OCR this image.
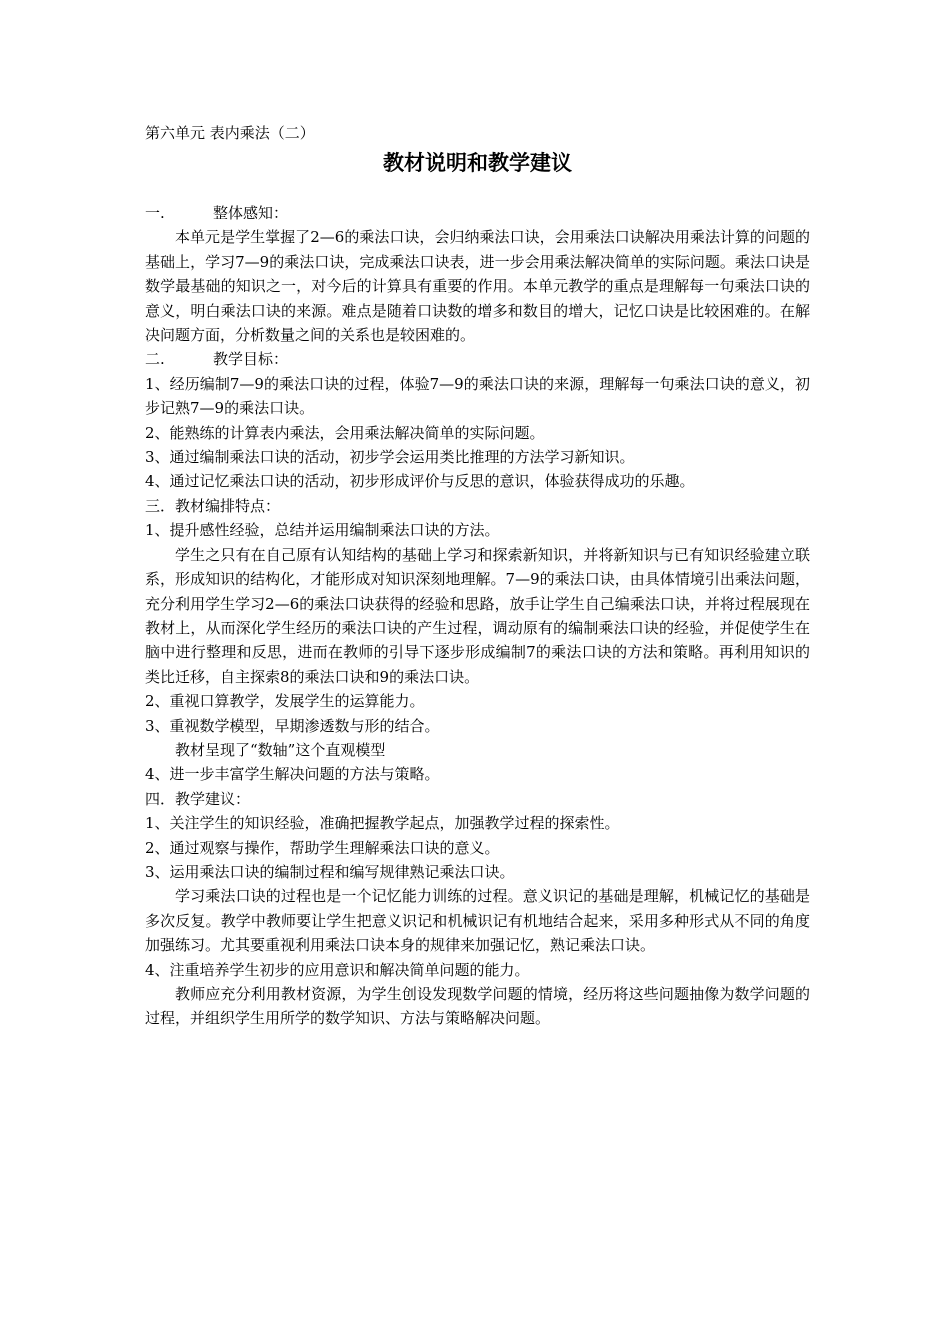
第六单元 表内乘法（二）
教材说明和教学建议
一.	整体感知：
本单元是学生掌握了2—6的乘法口诀，会归纳乘法口诀，会用乘法口诀解决用乘法计算的问题的基础上，学习7—9的乘法口诀，完成乘法口诀表，进一步会用乘法解决简单的实际问题。乘法口诀是数学最基础的知识之一，对今后的计算具有重要的作用。本单元教学的重点是理解每一句乘法口诀的意义，明白乘法口诀的来源。难点是随着口诀数的增多和数目的增大，记忆口诀是比较困难的。在解决问题方面，分析数量之间的关系也是较困难的。
二.	教学目标：
1、经历编制7—9的乘法口诀的过程，体验7—9的乘法口诀的来源，理解每一句乘法口诀的意义，初步记熟7—9的乘法口诀。
2、能熟练的计算表内乘法，会用乘法解决简单的实际问题。
3、通过编制乘法口诀的活动，初步学会运用类比推理的方法学习新知识。
4、通过记忆乘法口诀的活动，初步形成评价与反思的意识，体验获得成功的乐趣。
三．教材编排特点：
1、提升感性经验，总结并运用编制乘法口诀的方法。
学生之只有在自己原有认知结构的基础上学习和探索新知识，并将新知识与已有知识经验建立联系，形成知识的结构化，才能形成对知识深刻地理解。7—9的乘法口诀，由具体情境引出乘法问题，充分利用学生学习2—6的乘法口诀获得的经验和思路，放手让学生自己编乘法口诀，并将过程展现在教材上，从而深化学生经历的乘法口诀的产生过程，调动原有的编制乘法口诀的经验，并促使学生在脑中进行整理和反思，进而在教师的引导下逐步形成编制7的乘法口诀的方法和策略。再利用知识的类比迁移，自主探索8的乘法口诀和9的乘法口诀。
2、重视口算教学，发展学生的运算能力。
3、重视数学模型，早期渗透数与形的结合。
教材呈现了“数轴”这个直观模型
4、进一步丰富学生解决问题的方法与策略。
四．教学建议：
1、关注学生的知识经验，准确把握教学起点，加强教学过程的探索性。
2、通过观察与操作，帮助学生理解乘法口诀的意义。
3、运用乘法口诀的编制过程和编写规律熟记乘法口诀。
学习乘法口诀的过程也是一个记忆能力训练的过程。意义识记的基础是理解，机械记忆的基础是多次反复。教学中教师要让学生把意义识记和机械识记有机地结合起来，采用多种形式从不同的角度加强练习。尤其要重视利用乘法口诀本身的规律来加强记忆，熟记乘法口诀。
4、注重培养学生初步的应用意识和解决简单问题的能力。
教师应充分利用教材资源，为学生创设发现数学问题的情境，经历将这些问题抽像为数学问题的过程，并组织学生用所学的数学知识、方法与策略解决问题。
